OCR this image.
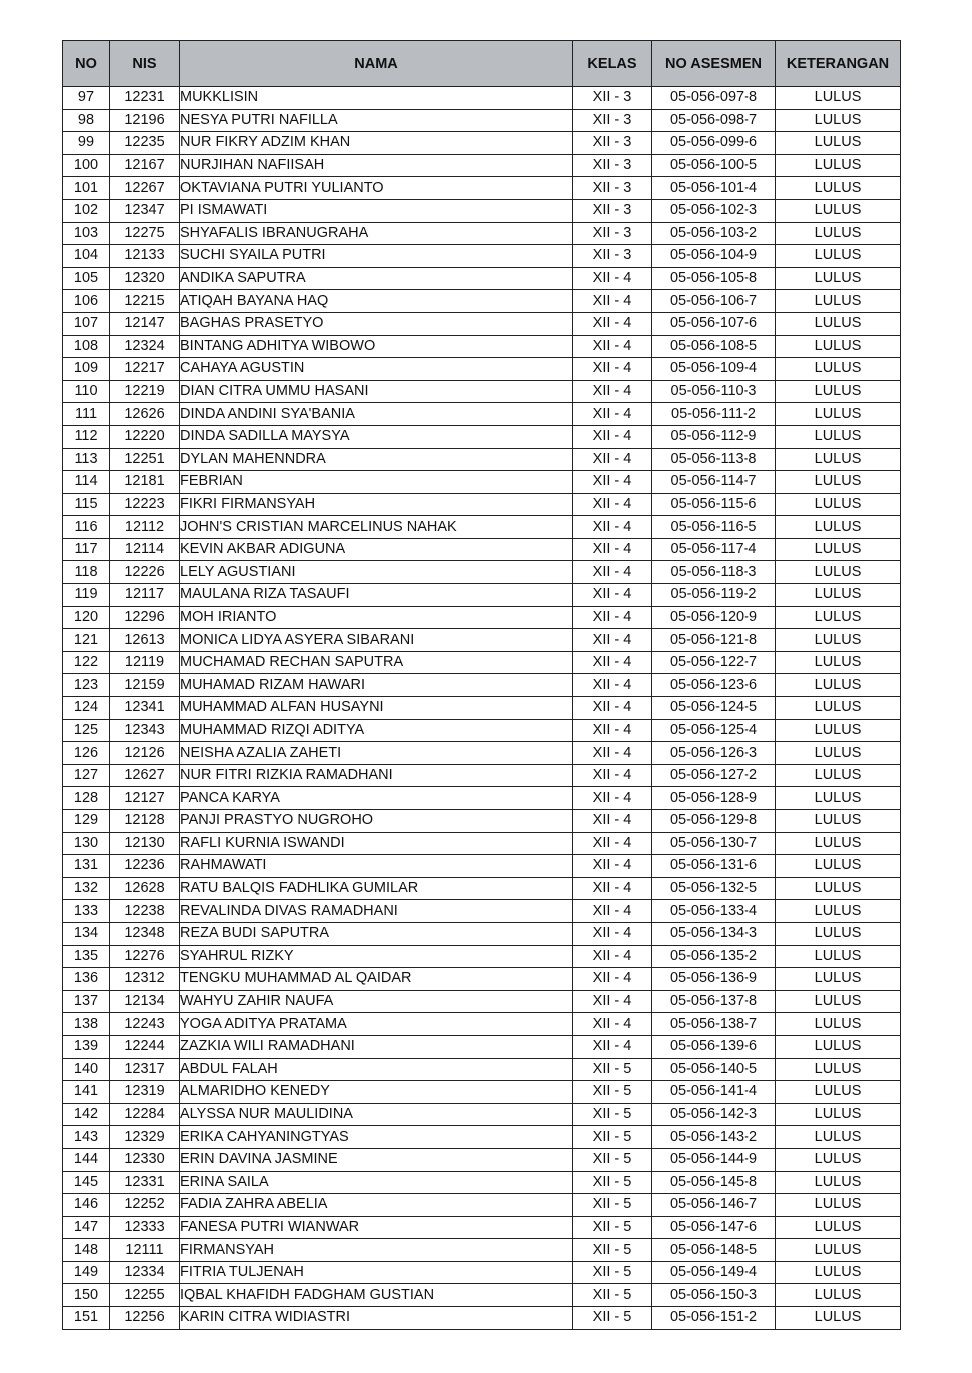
NO	NIS	NAMA	KELAS	NO ASESMEN	KETERANGAN
97	12231	MUKKLISIN	XII - 3	05-056-097-8	LULUS
98	12196	NESYA PUTRI NAFILLA	XII - 3	05-056-098-7	LULUS
99	12235	NUR FIKRY ADZIM KHAN	XII - 3	05-056-099-6	LULUS
100	12167	NURJIHAN NAFIISAH	XII - 3	05-056-100-5	LULUS
101	12267	OKTAVIANA PUTRI YULIANTO	XII - 3	05-056-101-4	LULUS
102	12347	PI ISMAWATI	XII - 3	05-056-102-3	LULUS
103	12275	SHYAFALIS IBRANUGRAHA	XII - 3	05-056-103-2	LULUS
104	12133	SUCHI SYAILA PUTRI	XII - 3	05-056-104-9	LULUS
105	12320	ANDIKA SAPUTRA	XII - 4	05-056-105-8	LULUS
106	12215	ATIQAH BAYANA HAQ	XII - 4	05-056-106-7	LULUS
107	12147	BAGHAS PRASETYO	XII - 4	05-056-107-6	LULUS
108	12324	BINTANG ADHITYA WIBOWO	XII - 4	05-056-108-5	LULUS
109	12217	CAHAYA AGUSTIN	XII - 4	05-056-109-4	LULUS
110	12219	DIAN CITRA UMMU HASANI	XII - 4	05-056-110-3	LULUS
111	12626	DINDA ANDINI SYA'BANIA	XII - 4	05-056-111-2	LULUS
112	12220	DINDA SADILLA MAYSYA	XII - 4	05-056-112-9	LULUS
113	12251	DYLAN MAHENNDRA	XII - 4	05-056-113-8	LULUS
114	12181	FEBRIAN	XII - 4	05-056-114-7	LULUS
115	12223	FIKRI FIRMANSYAH	XII - 4	05-056-115-6	LULUS
116	12112	JOHN'S CRISTIAN MARCELINUS NAHAK	XII - 4	05-056-116-5	LULUS
117	12114	KEVIN AKBAR ADIGUNA	XII - 4	05-056-117-4	LULUS
118	12226	LELY AGUSTIANI	XII - 4	05-056-118-3	LULUS
119	12117	MAULANA RIZA TASAUFI	XII - 4	05-056-119-2	LULUS
120	12296	MOH IRIANTO	XII - 4	05-056-120-9	LULUS
121	12613	MONICA LIDYA ASYERA SIBARANI	XII - 4	05-056-121-8	LULUS
122	12119	MUCHAMAD RECHAN SAPUTRA	XII - 4	05-056-122-7	LULUS
123	12159	MUHAMAD RIZAM HAWARI	XII - 4	05-056-123-6	LULUS
124	12341	MUHAMMAD ALFAN HUSAYNI	XII - 4	05-056-124-5	LULUS
125	12343	MUHAMMAD RIZQI ADITYA	XII - 4	05-056-125-4	LULUS
126	12126	NEISHA AZALIA ZAHETI	XII - 4	05-056-126-3	LULUS
127	12627	NUR FITRI RIZKIA RAMADHANI	XII - 4	05-056-127-2	LULUS
128	12127	PANCA KARYA	XII - 4	05-056-128-9	LULUS
129	12128	PANJI PRASTYO NUGROHO	XII - 4	05-056-129-8	LULUS
130	12130	RAFLI KURNIA ISWANDI	XII - 4	05-056-130-7	LULUS
131	12236	RAHMAWATI	XII - 4	05-056-131-6	LULUS
132	12628	RATU BALQIS FADHLIKA GUMILAR	XII - 4	05-056-132-5	LULUS
133	12238	REVALINDA DIVAS RAMADHANI	XII - 4	05-056-133-4	LULUS
134	12348	REZA BUDI SAPUTRA	XII - 4	05-056-134-3	LULUS
135	12276	SYAHRUL RIZKY	XII - 4	05-056-135-2	LULUS
136	12312	TENGKU MUHAMMAD AL QAIDAR	XII - 4	05-056-136-9	LULUS
137	12134	WAHYU ZAHIR NAUFA	XII - 4	05-056-137-8	LULUS
138	12243	YOGA ADITYA PRATAMA	XII - 4	05-056-138-7	LULUS
139	12244	ZAZKIA WILI RAMADHANI	XII - 4	05-056-139-6	LULUS
140	12317	ABDUL FALAH	XII - 5	05-056-140-5	LULUS
141	12319	ALMARIDHO KENEDY	XII - 5	05-056-141-4	LULUS
142	12284	ALYSSA NUR MAULIDINA	XII - 5	05-056-142-3	LULUS
143	12329	ERIKA CAHYANINGTYAS	XII - 5	05-056-143-2	LULUS
144	12330	ERIN DAVINA JASMINE	XII - 5	05-056-144-9	LULUS
145	12331	ERINA SAILA	XII - 5	05-056-145-8	LULUS
146	12252	FADIA ZAHRA ABELIA	XII - 5	05-056-146-7	LULUS
147	12333	FANESA PUTRI WIANWAR	XII - 5	05-056-147-6	LULUS
148	12111	FIRMANSYAH	XII - 5	05-056-148-5	LULUS
149	12334	FITRIA TULJENAH	XII - 5	05-056-149-4	LULUS
150	12255	IQBAL KHAFIDH FADGHAM GUSTIAN	XII - 5	05-056-150-3	LULUS
151	12256	KARIN CITRA WIDIASTRI	XII - 5	05-056-151-2	LULUS
